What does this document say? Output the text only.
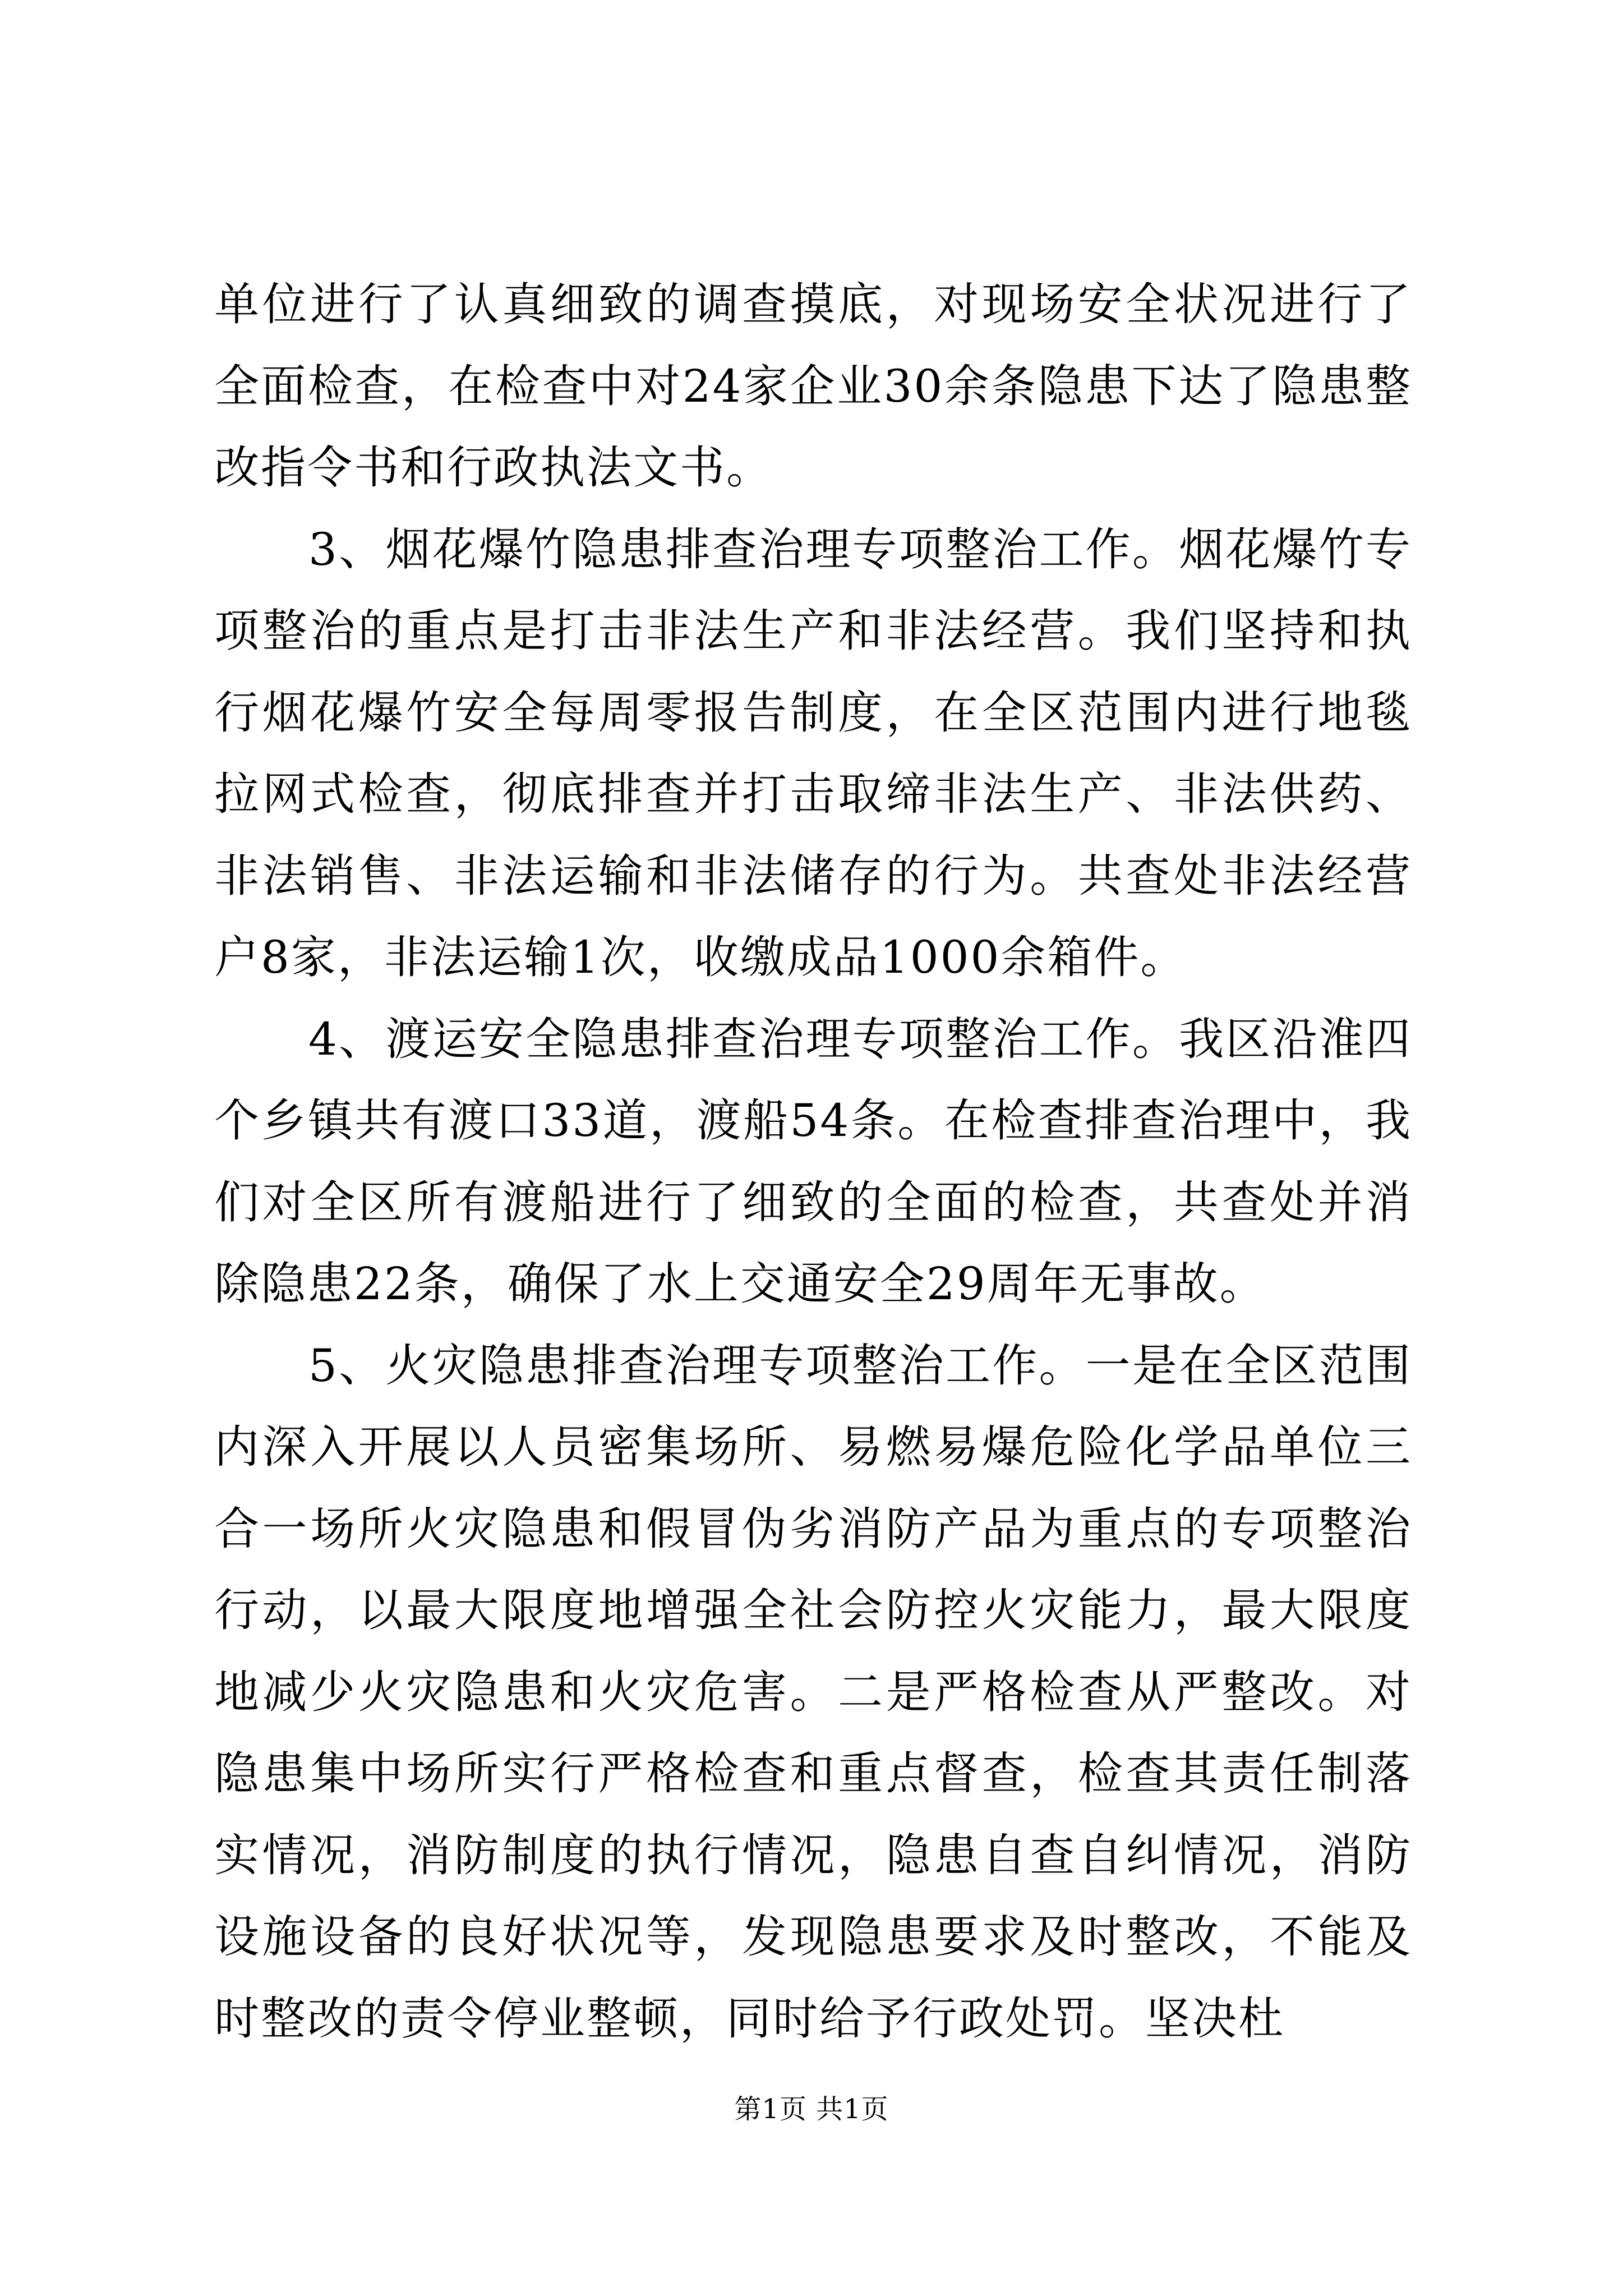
单位进行了认真细致的调查摸底，对现场安全状况进行了全面检查，在检查中对24家企业30余条隐患下达了隐患整改指令书和行政执法文书。

3、烟花爆竹隐患排查治理专项整治工作。烟花爆竹专项整治的重点是打击非法生产和非法经营。我们坚持和执行烟花爆竹安全每周零报告制度，在全区范围内进行地毯拉网式检查，彻底排查并打击取缔非法生产、非法供药、非法销售、非法运输和非法储存的行为。共查处非法经营户8家，非法运输1次，收缴成品1000余箱件。

4、渡运安全隐患排查治理专项整治工作。我区沿淮四个乡镇共有渡口33道，渡船54条。在检查排查治理中，我们对全区所有渡船进行了细致的全面的检查，共查处并消除隐患22条，确保了水上交通安全29周年无事故。

5、火灾隐患排查治理专项整治工作。一是在全区范围内深入开展以人员密集场所、易燃易爆危险化学品单位三合一场所火灾隐患和假冒伪劣消防产品为重点的专项整治行动，以最大限度地增强全社会防控火灾能力，最大限度地减少火灾隐患和火灾危害。二是严格检查从严整改。对隐患集中场所实行严格检查和重点督查，检查其责任制落实情况，消防制度的执行情况，隐患自查自纠情况，消防设施设备的良好状况等，发现隐患要求及时整改，不能及时整改的责令停业整顿，同时给予行政处罚。坚决杜

第1页 共1页
